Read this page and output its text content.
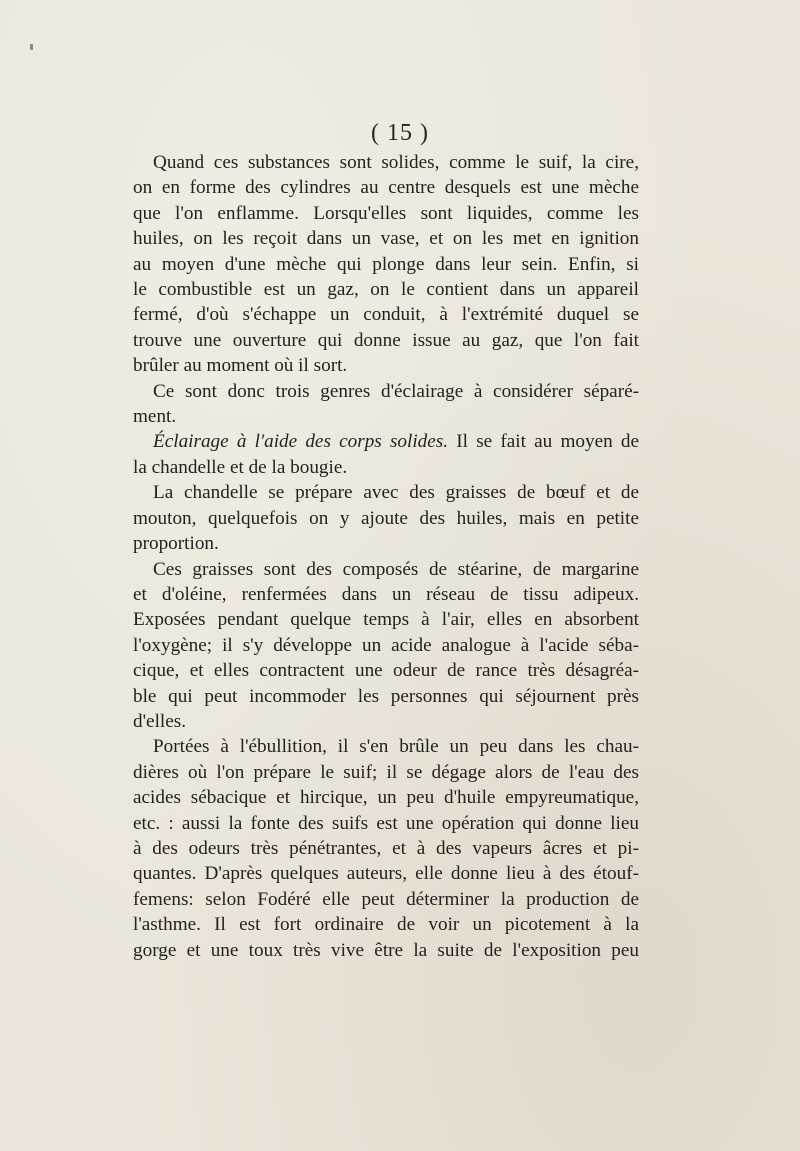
( 15 )
Quand ces substances sont solides, comme le suif, la cire,
on en forme des cylindres au centre desquels est une mèche
que l'on enflamme. Lorsqu'elles sont liquides, comme les
huiles, on les reçoit dans un vase, et on les met en ignition
au moyen d'une mèche qui plonge dans leur sein. Enfin, si
le combustible est un gaz, on le contient dans un appareil
fermé, d'où s'échappe un conduit, à l'extrémité duquel se
trouve une ouverture qui donne issue au gaz, que l'on fait
brûler au moment où il sort.
Ce sont donc trois genres d'éclairage à considérer séparé-
ment.
Éclairage à l'aide des corps solides. Il se fait au moyen de
la chandelle et de la bougie.
La chandelle se prépare avec des graisses de bœuf et de
mouton, quelquefois on y ajoute des huiles, mais en petite
proportion.
Ces graisses sont des composés de stéarine, de margarine
et d'oléine, renfermées dans un réseau de tissu adipeux.
Exposées pendant quelque temps à l'air, elles en absorbent
l'oxygène; il s'y développe un acide analogue à l'acide séba-
cique, et elles contractent une odeur de rance très désagréa-
ble qui peut incommoder les personnes qui séjournent près
d'elles.
Portées à l'ébullition, il s'en brûle un peu dans les chau-
dières où l'on prépare le suif; il se dégage alors de l'eau des
acides sébacique et hircique, un peu d'huile empyreumatique,
etc. : aussi la fonte des suifs est une opération qui donne lieu
à des odeurs très pénétrantes, et à des vapeurs âcres et pi-
quantes. D'après quelques auteurs, elle donne lieu à des étouf-
femens: selon Fodéré elle peut déterminer la production de
l'asthme. Il est fort ordinaire de voir un picotement à la
gorge et une toux très vive être la suite de l'exposition peu
